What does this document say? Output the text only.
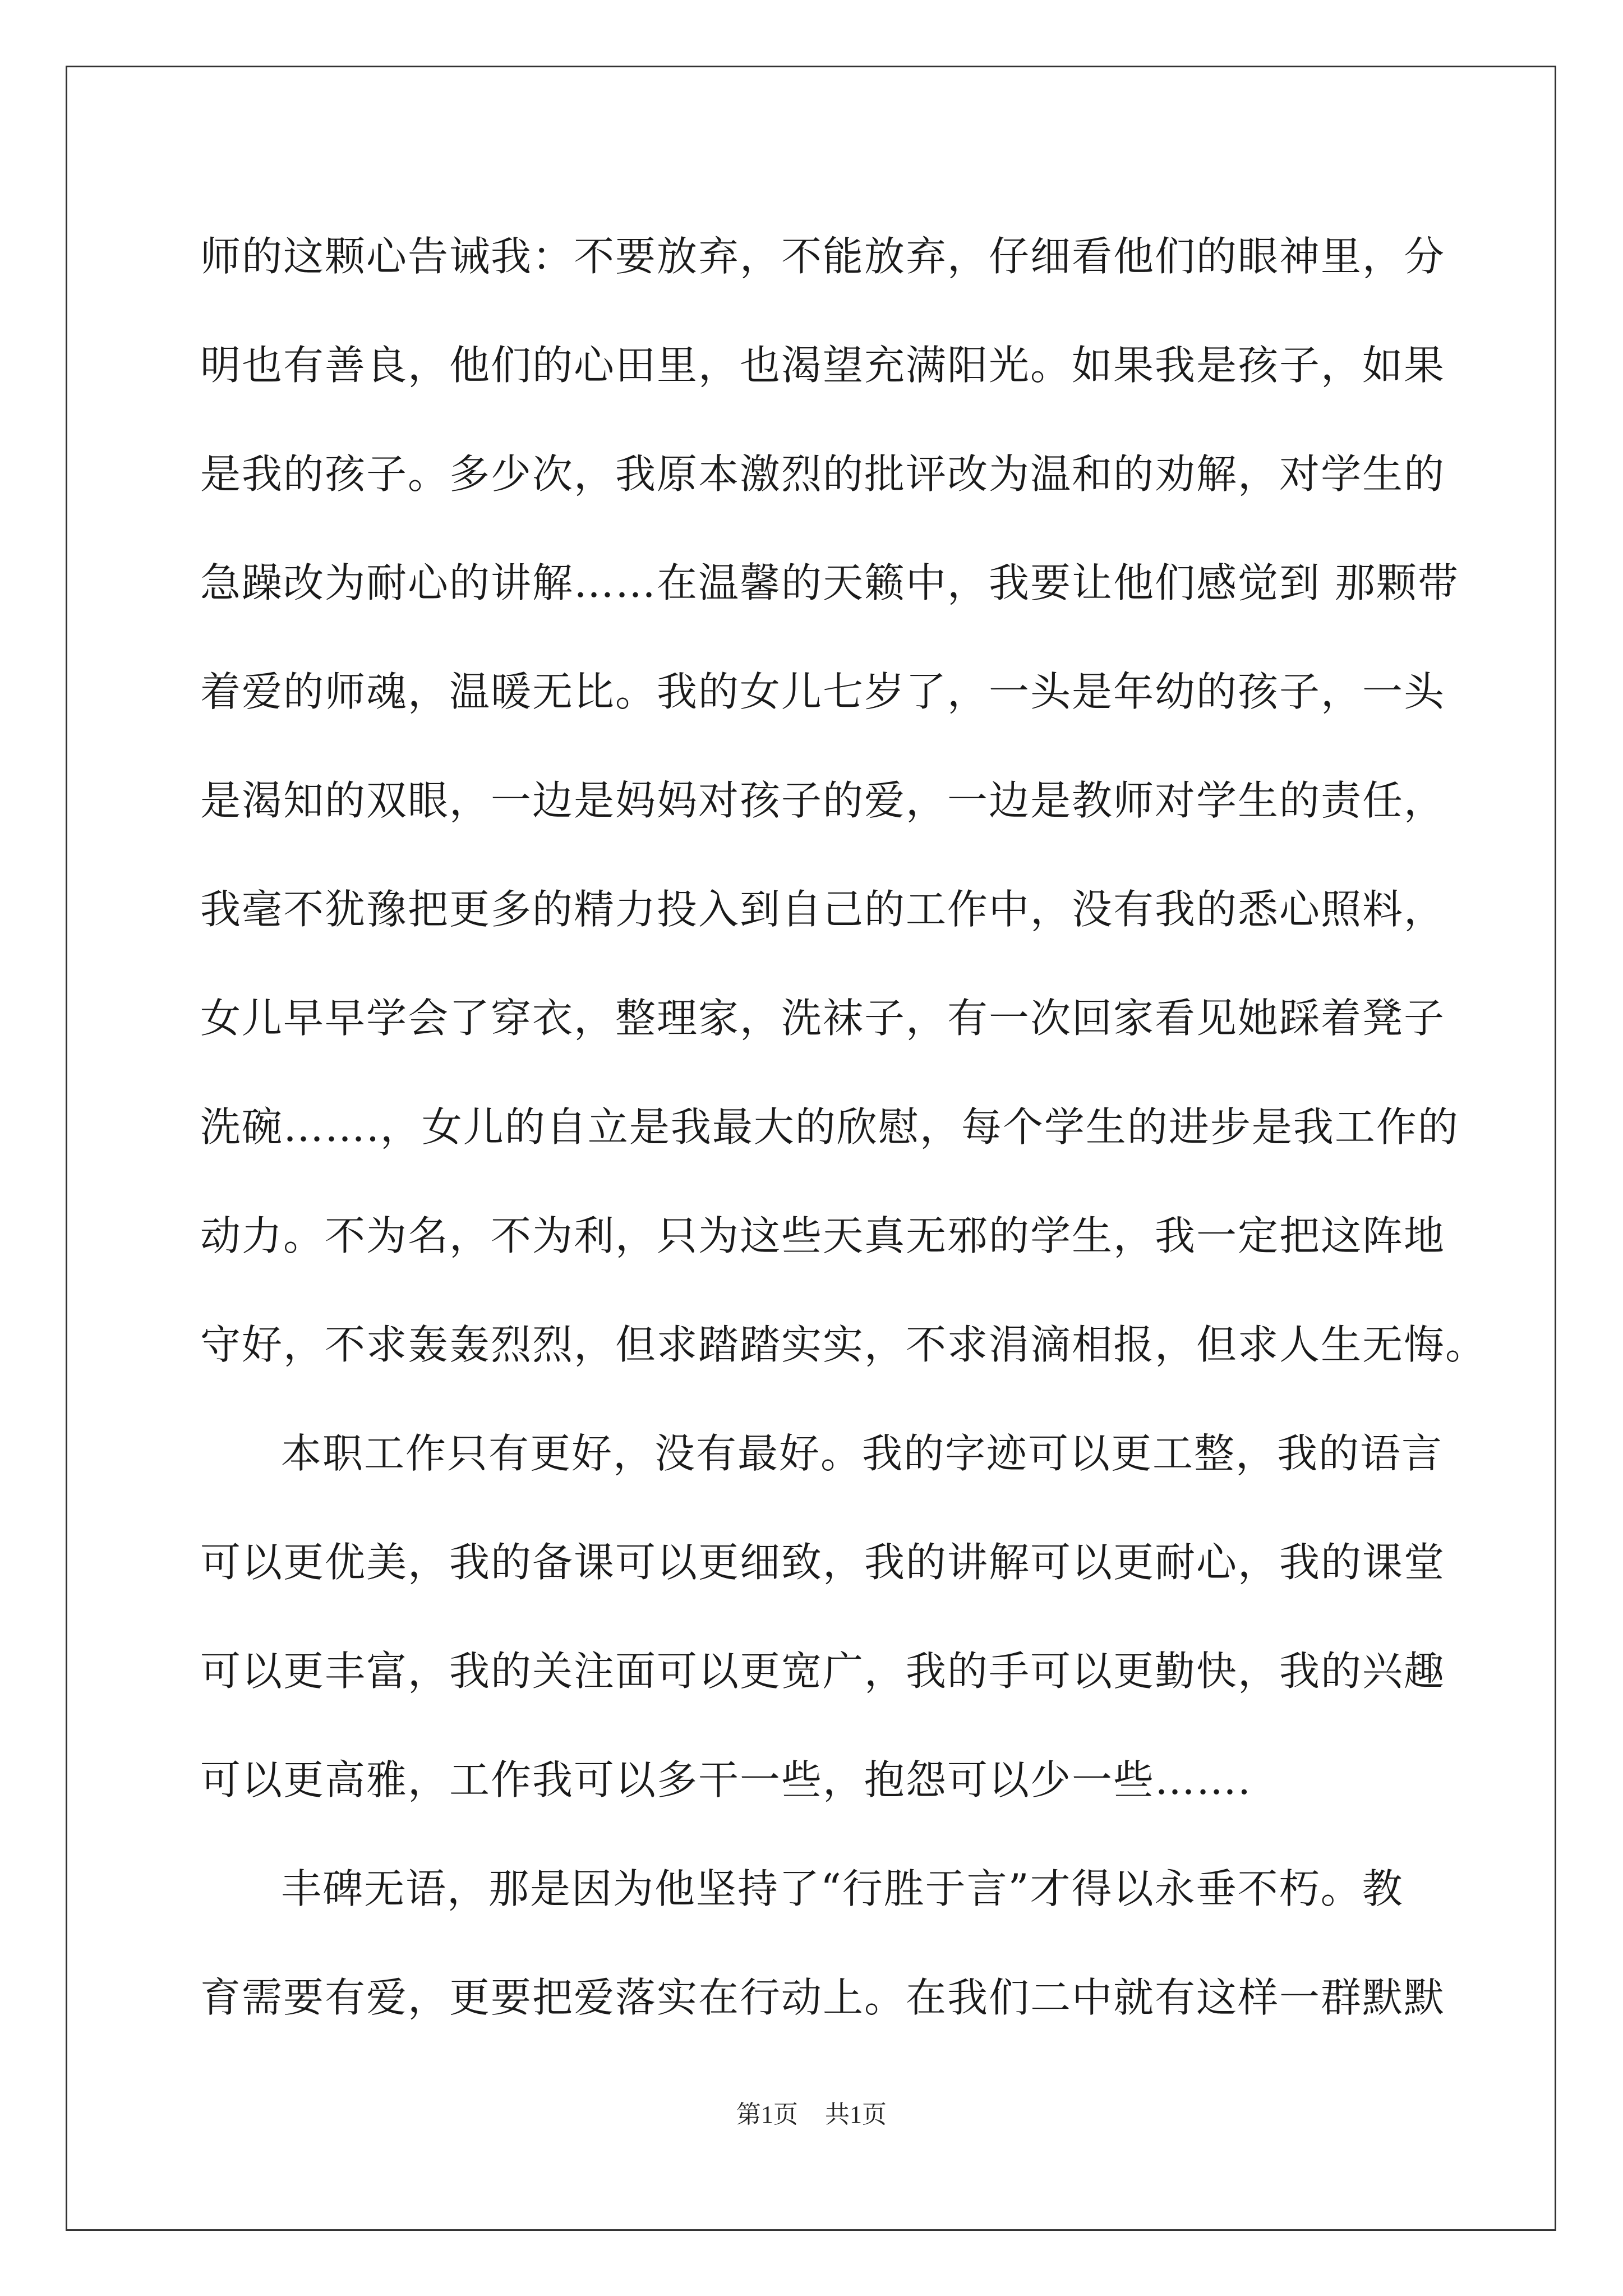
师的这颗心告诫我：不要放弃，不能放弃，仔细看他们的眼神里，分
明也有善良，他们的心田里，也渴望充满阳光。如果我是孩子，如果
是我的孩子。多少次，我原本激烈的批评改为温和的劝解，对学生的
急躁改为耐心的讲解……在温馨的天籁中，我要让他们感觉到 那颗带
着爱的师魂，温暖无比。我的女儿七岁了，一头是年幼的孩子，一头
是渴知的双眼，一边是妈妈对孩子的爱，一边是教师对学生的责任，
我毫不犹豫把更多的精力投入到自己的工作中，没有我的悉心照料，
女儿早早学会了穿衣，整理家，洗袜子，有一次回家看见她踩着凳子
洗碗…….，女儿的自立是我最大的欣慰，每个学生的进步是我工作的
动力。不为名，不为利，只为这些天真无邪的学生，我一定把这阵地
守好，不求轰轰烈烈，但求踏踏实实，不求涓滴相报，但求人生无悔。
本职工作只有更好，没有最好。我的字迹可以更工整，我的语言
可以更优美，我的备课可以更细致，我的讲解可以更耐心，我的课堂
可以更丰富，我的关注面可以更宽广，我的手可以更勤快，我的兴趣
可以更高雅，工作我可以多干一些，抱怨可以少一些…….
丰碑无语，那是因为他坚持了“行胜于言”才得以永垂不朽。教
育需要有爱，更要把爱落实在行动上。在我们二中就有这样一群默默
第1页 共1页
